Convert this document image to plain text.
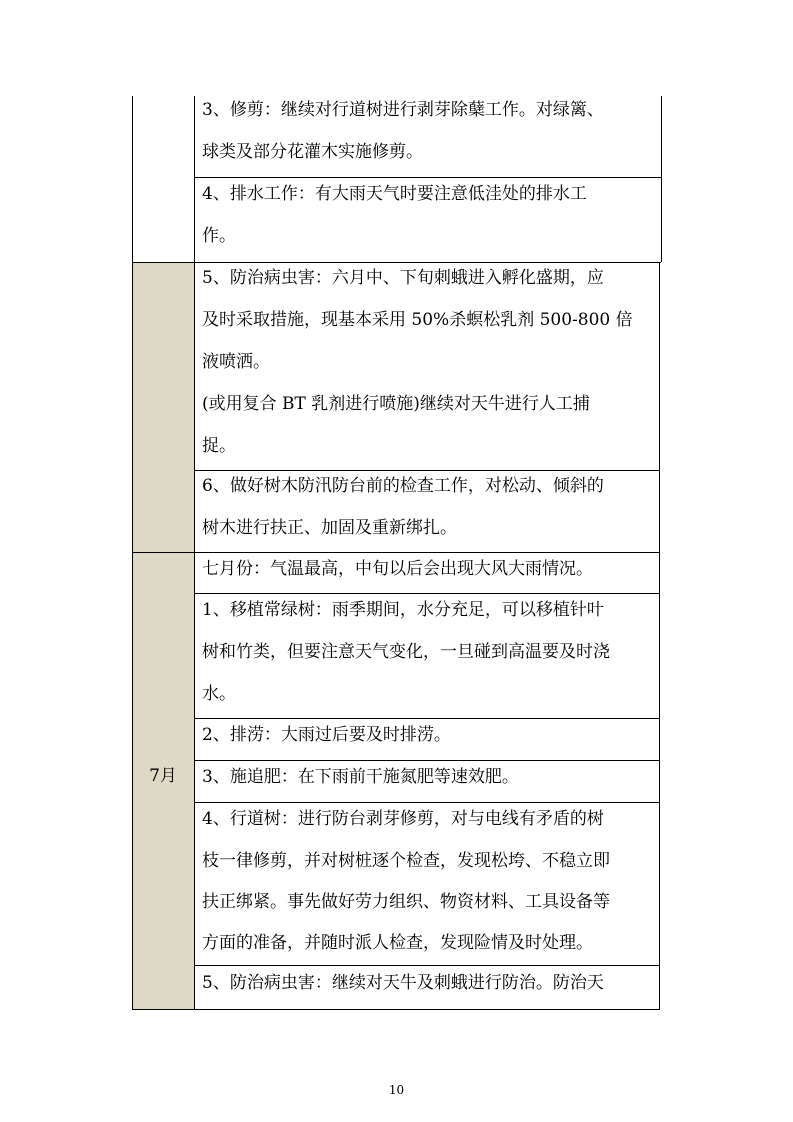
3、修剪：继续对行道树进行剥芽除蘖工作。对绿篱、

球类及部分花灌木实施修剪。

4、排水工作：有大雨天气时要注意低洼处的排水工

作。

5、防治病虫害：六月中、下旬刺蛾进入孵化盛期，应

及时采取措施，现基本采用 50%杀螟松乳剂 500-800 倍

液喷洒。

(或用复合 BT 乳剂进行喷施)继续对天牛进行人工捕

捉。

6、做好树木防汛防台前的检查工作，对松动、倾斜的

树木进行扶正、加固及重新绑扎。

七月份：气温最高，中旬以后会出现大风大雨情况。

1、移植常绿树：雨季期间，水分充足，可以移植针叶

树和竹类，但要注意天气变化，一旦碰到高温要及时浇

水。

2、排涝：大雨过后要及时排涝。

3、施追肥：在下雨前干施氮肥等速效肥。

4、行道树：进行防台剥芽修剪，对与电线有矛盾的树

枝一律修剪，并对树桩逐个检查，发现松垮、不稳立即

扶正绑紧。事先做好劳力组织、物资材料、工具设备等

方面的准备，并随时派人检查，发现险情及时处理。

5、防治病虫害：继续对天牛及刺蛾进行防治。防治天

7月
10
